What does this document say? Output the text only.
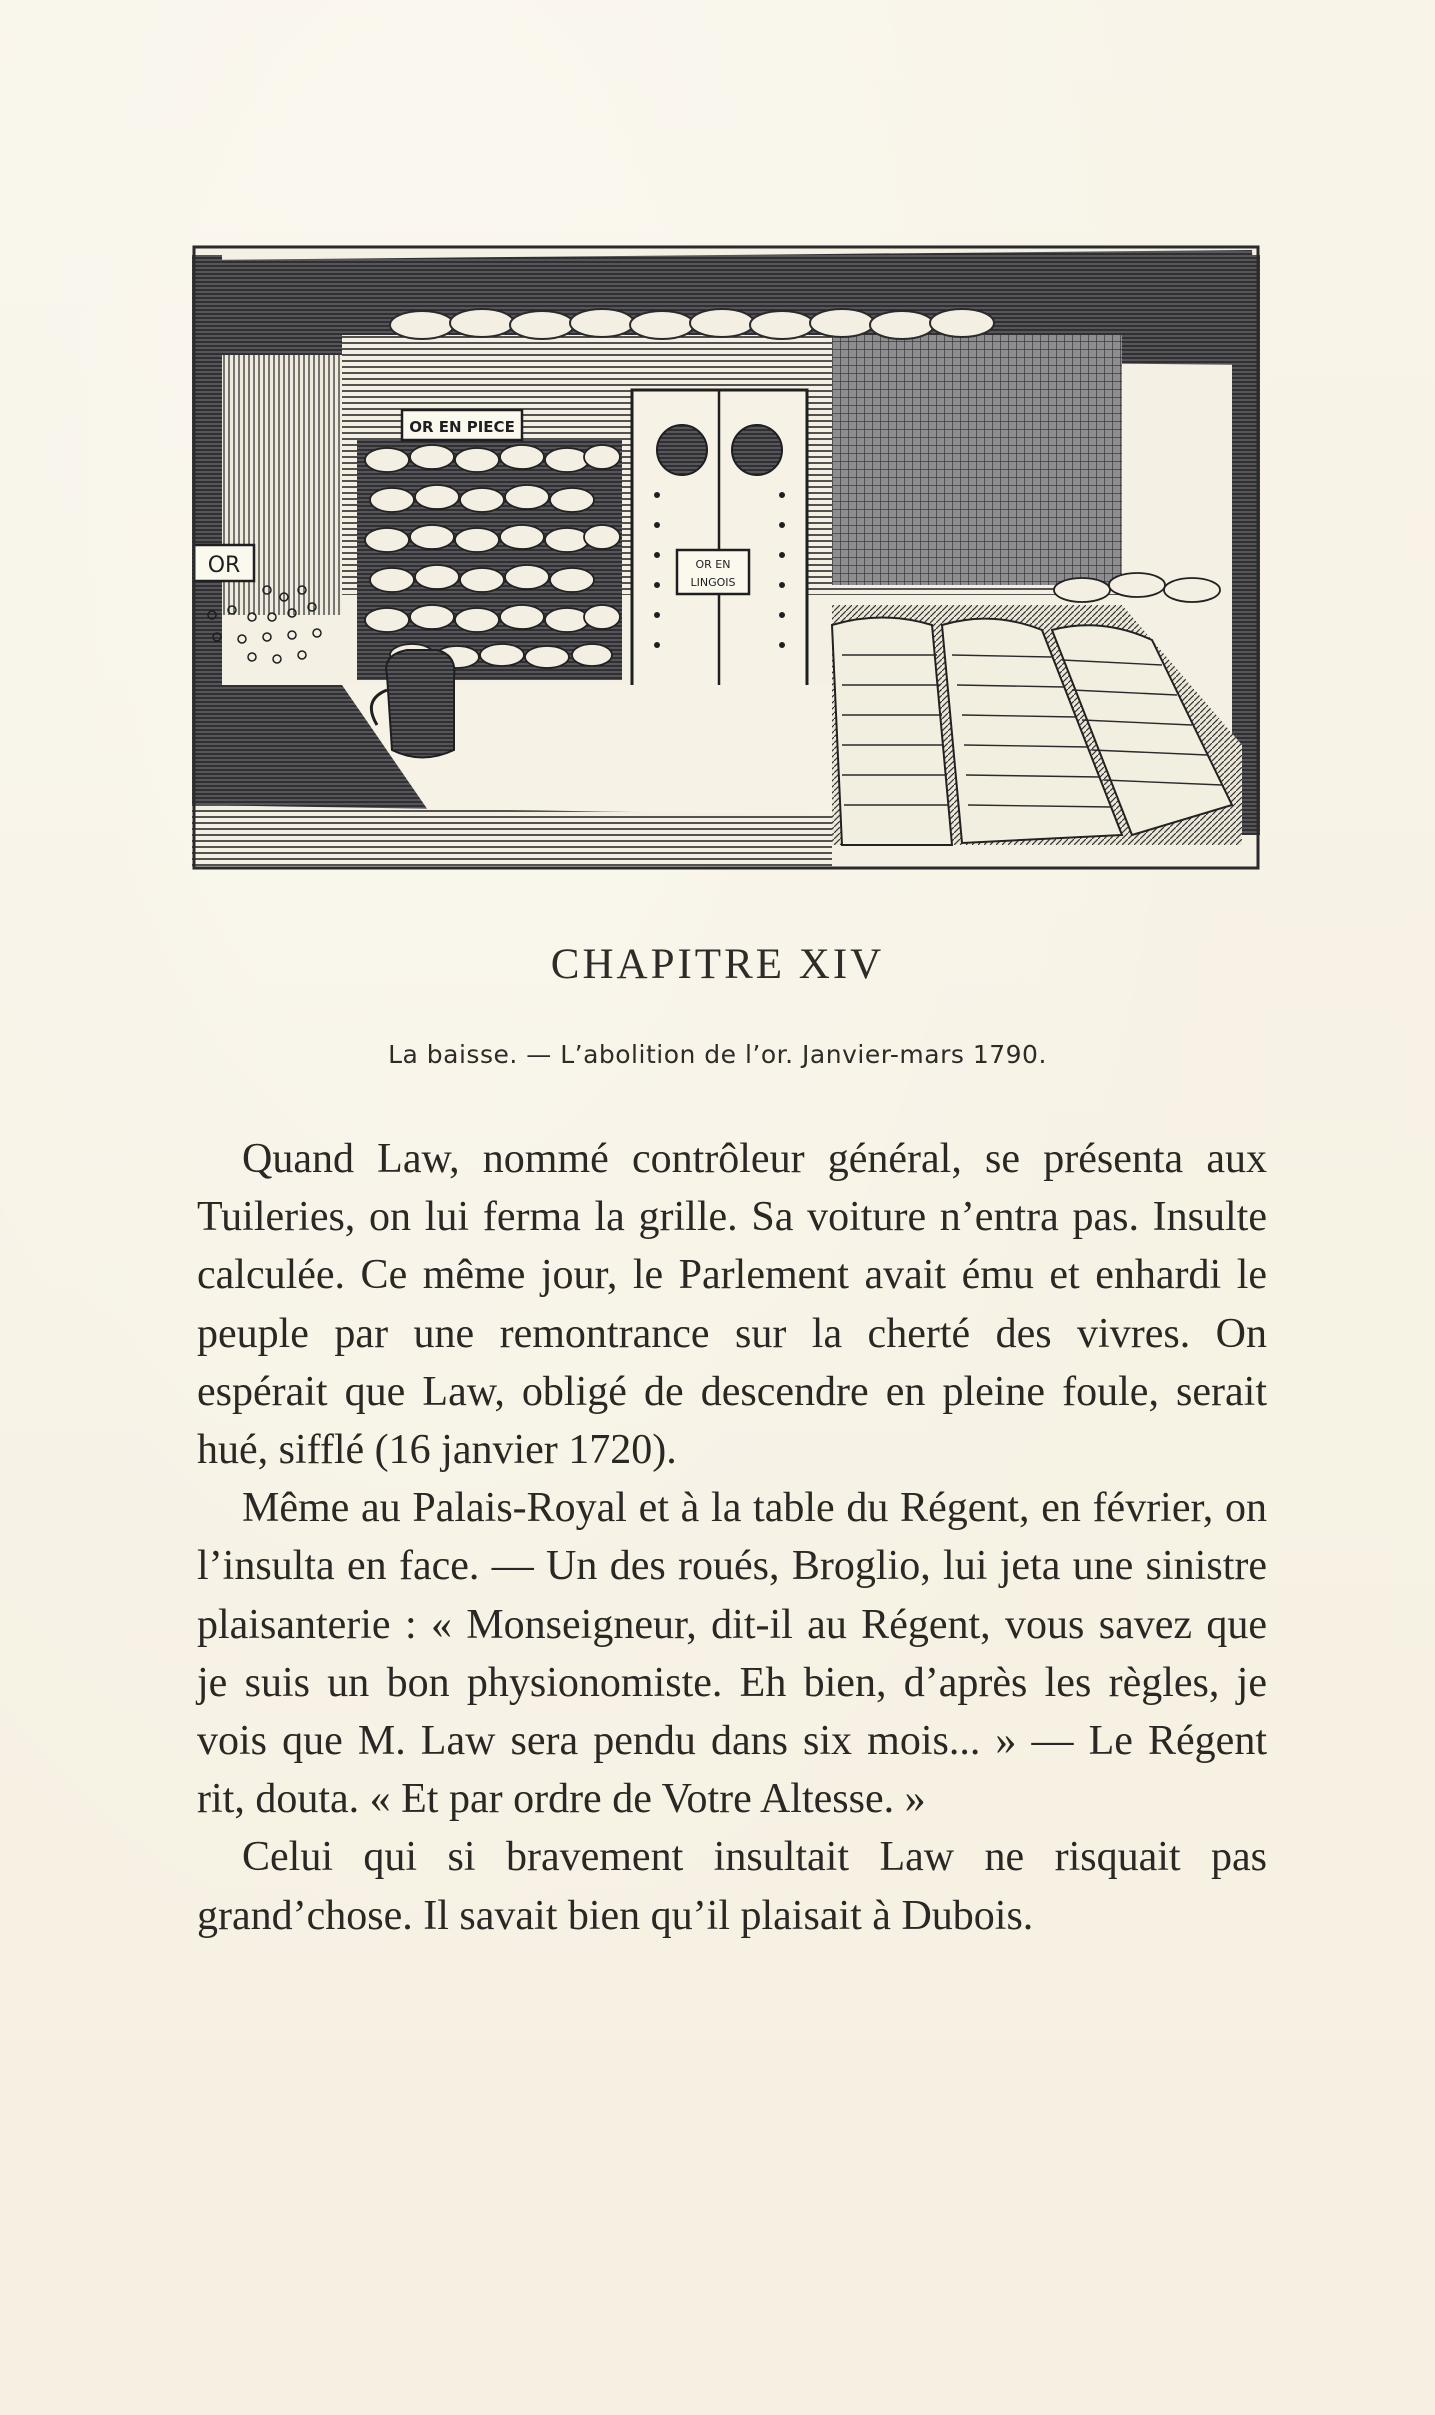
OR EN PIECE
OR	OR EN
LINGOIS
CHAPITRE XIV
La baisse. — L’abolition de l’or. Janvier-mars 1790.

Quand Law, nommé contrôleur général, se présenta aux Tuileries, on lui ferma la grille. Sa voiture n’entra pas. Insulte calculée. Ce même jour, le Parlement avait ému et enhardi le peuple par une remontrance sur la cherté des vivres. On espérait que Law, obligé de descendre en pleine foule, serait hué, sifflé (16 janvier 1720).

Même au Palais-Royal et à la table du Régent, en février, on l’insulta en face. — Un des roués, Broglio, lui jeta une sinistre plaisanterie : « Monseigneur, dit-il au Régent, vous savez que je suis un bon physionomiste. Eh bien, d’après les règles, je vois que M. Law sera pendu dans six mois... » — Le Régent rit, douta. « Et par ordre de Votre Altesse. »

Celui qui si bravement insultait Law ne risquait pas grand’chose. Il savait bien qu’il plaisait à Dubois.
